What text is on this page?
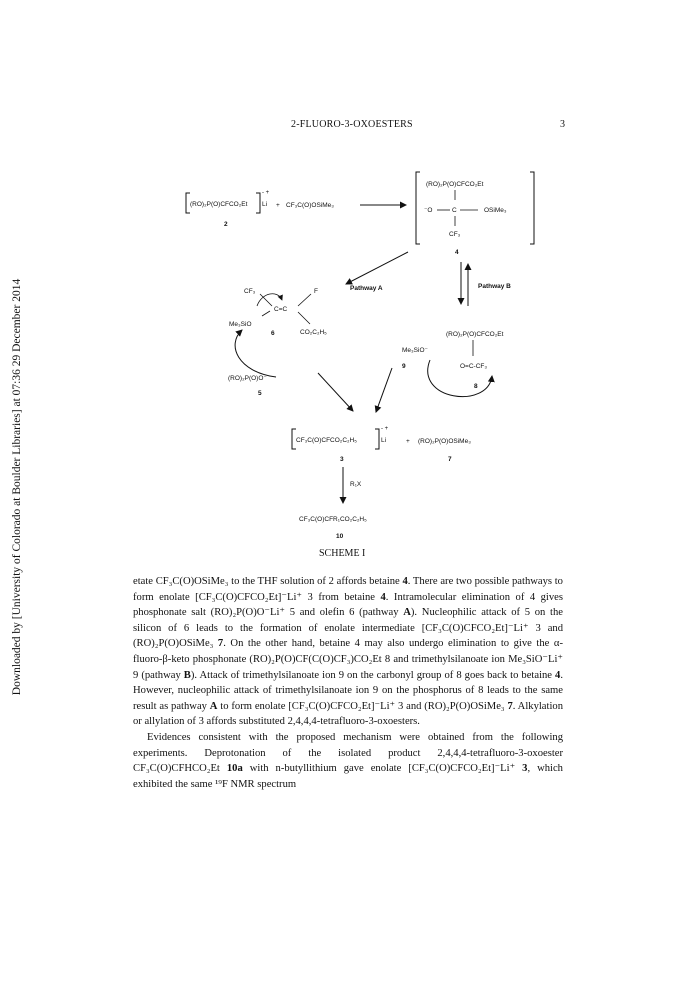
2-FLUORO-3-OXOESTERS	3
Downloaded by [University of Colorado at Boulder Libraries] at 07:36 29 December 2014
(RO)₂P(O)CFCO₂Et Li
- +
2
+ CF₃C(O)OSiMe₃
(RO)₂P(O)CFCO₂Et
⁻O	C	OSiMe₃
CF₃
4
Pathway A	Pathway B
CF₃	F
C=C
Me₃SiO
CO₂C₂H₅
6
(RO)₂P(O)O⁻
5
Me₃SiO⁻
9
(RO)₂P(O)CFCO₂Et
O=C-CF₃
8
CF₃C(O)CFCO₂C₂H₅	Li
- +
3
+ (RO)₂P(O)OSiMe₃
7
R₁X
CF₃C(O)CFR₁CO₂C₂H₅
10
SCHEME I

etate CF₃C(O)OSiMe₃ to the THF solution of 2 affords betaine 4. There are two possible pathways to form enolate [CF₃C(O)CFCO₂Et]⁻Li⁺ 3 from betaine 4. Intramolecular elimination of 4 gives phosphonate salt (RO)₂P(O)O⁻Li⁺ 5 and olefin 6 (pathway A). Nucleophilic attack of 5 on the silicon of 6 leads to the formation of enolate intermediate [CF₃C(O)CFCO₂Et]⁻Li⁺ 3 and (RO)₂P(O)OSiMe₃ 7. On the other hand, betaine 4 may also undergo elimination to give the α-fluoro-β-keto phosphonate (RO)₂P(O)CF(C(O)CF₃)CO₂Et 8 and trimethylsilanoate ion Me₃SiO⁻Li⁺ 9 (pathway B). Attack of trimethylsilanoate ion 9 on the carbonyl group of 8 goes back to betaine 4. However, nucleophilic attack of trimethylsilanoate ion 9 on the phosphorus of 8 leads to the same result as pathway A to form enolate [CF₃C(O)CFCO₂Et]⁻Li⁺ 3 and (RO)₂P(O)OSiMe₃ 7. Alkylation or allylation of 3 affords substituted 2,4,4,4-tetrafluoro-3-oxoesters.

Evidences consistent with the proposed mechanism were obtained from the following experiments. Deprotonation of the isolated product 2,4,4,4-tetrafluoro-3-oxoester CF₃C(O)CFHCO₂Et 10a with n-butyllithium gave enolate [CF₃C(O)CFCO₂Et]⁻Li⁺ 3, which exhibited the same ¹⁹F NMR spectrum
